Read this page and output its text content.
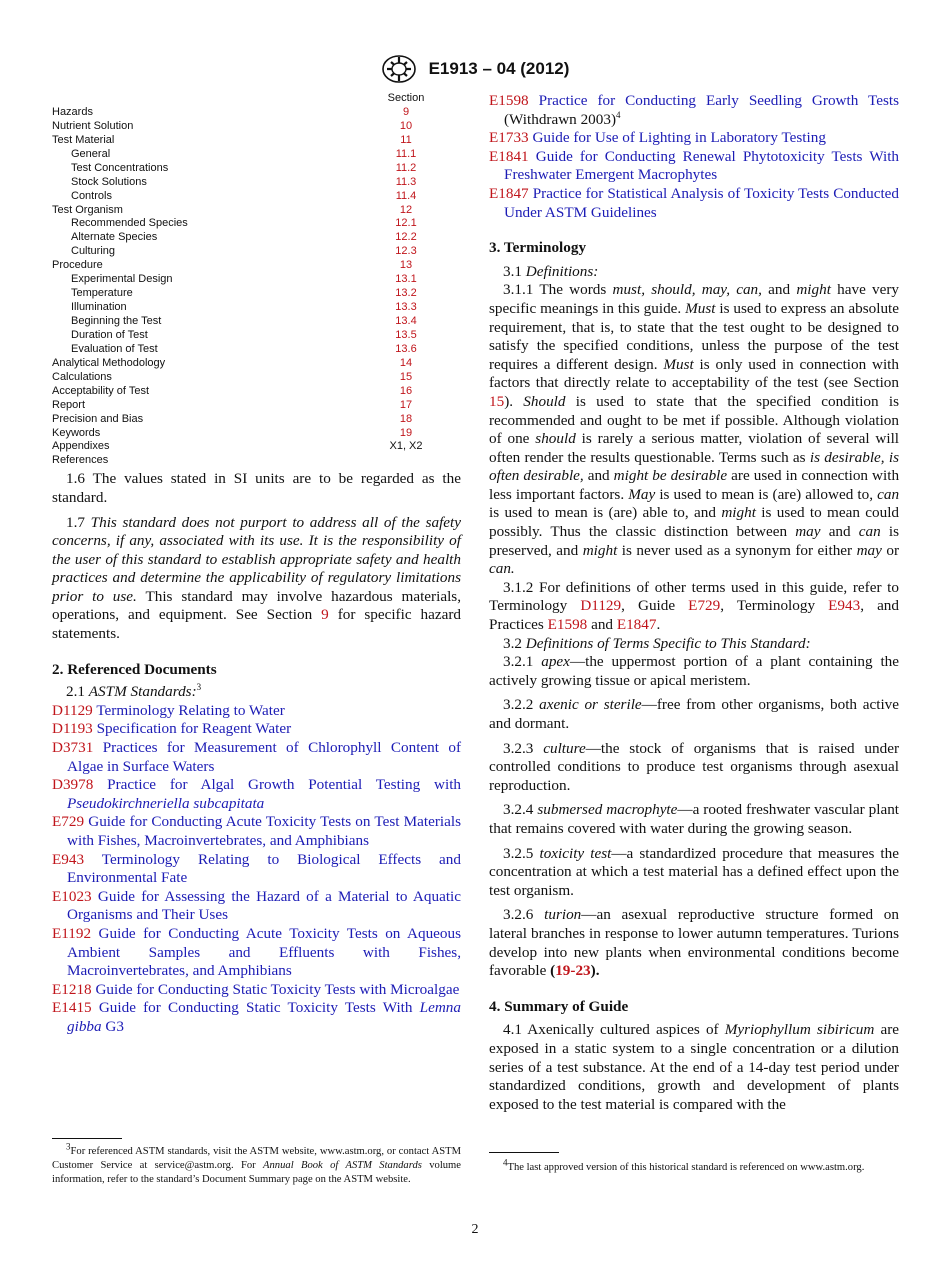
E1913 – 04 (2012)
Section
Hazards	9
Nutrient Solution	10
Test Material	11
General	11.1
Test Concentrations	11.2
Stock Solutions	11.3
Controls	11.4
Test Organism	12
Recommended Species	12.1
Alternate Species	12.2
Culturing	12.3
Procedure	13
Experimental Design	13.1
Temperature	13.2
Illumination	13.3
Beginning the Test	13.4
Duration of Test	13.5
Evaluation of Test	13.6
Analytical Methodology	14
Calculations	15
Acceptability of Test	16
Report	17
Precision and Bias	18
Keywords	19
Appendixes	X1, X2
References

1.6 The values stated in SI units are to be regarded as the standard.

1.7 This standard does not purport to address all of the safety concerns, if any, associated with its use. It is the responsibility of the user of this standard to establish appropriate safety and health practices and determine the applicability of regulatory limitations prior to use. This standard may involve hazardous materials, operations, and equipment. See Section 9 for specific hazard statements.

2. Referenced Documents

2.1 ASTM Standards:$^3$

D1129 Terminology Relating to Water

D1193 Specification for Reagent Water

D3731 Practices for Measurement of Chlorophyll Content of Algae in Surface Waters

D3978 Practice for Algal Growth Potential Testing with Pseudokirchneriella subcapitata

E729 Guide for Conducting Acute Toxicity Tests on Test Materials with Fishes, Macroinvertebrates, and Amphibians

E943 Terminology Relating to Biological Effects and Environmental Fate

E1023 Guide for Assessing the Hazard of a Material to Aquatic Organisms and Their Uses

E1192 Guide for Conducting Acute Toxicity Tests on Aqueous Ambient Samples and Effluents with Fishes, Macroinvertebrates, and Amphibians

E1218 Guide for Conducting Static Toxicity Tests with Microalgae

E1415 Guide for Conducting Static Toxicity Tests With Lemna gibba G3

$^3$For referenced ASTM standards, visit the ASTM website, www.astm.org, or contact ASTM Customer Service at service@astm.org. For Annual Book of ASTM Standards volume information, refer to the standard’s Document Summary page on the ASTM website.

E1598 Practice for Conducting Early Seedling Growth Tests (Withdrawn 2003)$^4$

E1733 Guide for Use of Lighting in Laboratory Testing

E1841 Guide for Conducting Renewal Phytotoxicity Tests With Freshwater Emergent Macrophytes

E1847 Practice for Statistical Analysis of Toxicity Tests Conducted Under ASTM Guidelines

3. Terminology

3.1 Definitions:

3.1.1 The words must, should, may, can, and might have very specific meanings in this guide. Must is used to express an absolute requirement, that is, to state that the test ought to be designed to satisfy the specified conditions, unless the purpose of the test requires a different design. Must is only used in connection with factors that directly relate to acceptability of the test (see Section 15). Should is used to state that the specified condition is recommended and ought to be met if possible. Although violation of one should is rarely a serious matter, violation of several will often render the results questionable. Terms such as is desirable, is often desirable, and might be desirable are used in connection with less important factors. May is used to mean is (are) allowed to, can is used to mean is (are) able to, and might is used to mean could possibly. Thus the classic distinction between may and can is preserved, and might is never used as a synonym for either may or can.

3.1.2 For definitions of other terms used in this guide, refer to Terminology D1129, Guide E729, Terminology E943, and Practices E1598 and E1847.

3.2 Definitions of Terms Specific to This Standard:

3.2.1 apex—the uppermost portion of a plant containing the actively growing tissue or apical meristem.

3.2.2 axenic or sterile—free from other organisms, both active and dormant.

3.2.3 culture—the stock of organisms that is raised under controlled conditions to produce test organisms through asexual reproduction.

3.2.4 submersed macrophyte—a rooted freshwater vascular plant that remains covered with water during the growing season.

3.2.5 toxicity test—a standardized procedure that measures the concentration at which a test material has a defined effect upon the test organism.

3.2.6 turion—an asexual reproductive structure formed on lateral branches in response to lower autumn temperatures. Turions develop into new plants when environmental conditions become favorable (19-23).

4. Summary of Guide

4.1 Axenically cultured aspices of Myriophyllum sibiricum are exposed in a static system to a single concentration or a dilution series of a test substance. At the end of a 14-day test period under standardized conditions, growth and development of plants exposed to the test material is compared with the

$^4$The last approved version of this historical standard is referenced on www.astm.org.

2
